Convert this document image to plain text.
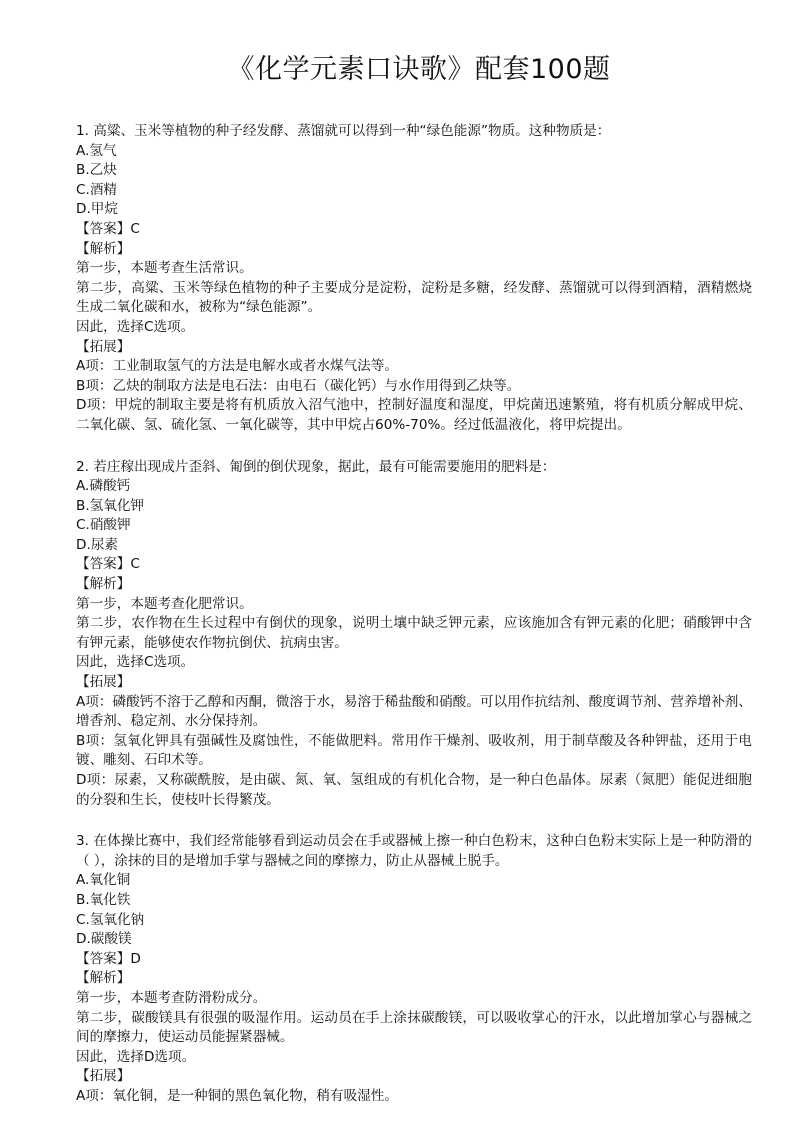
《化学元素口诀歌》配套100题
1. 高粱、玉米等植物的种子经发酵、蒸馏就可以得到一种“绿色能源”物质。这种物质是：
A.氢气
B.乙炔
C.酒精
D.甲烷
【答案】C
【解析】
第一步，本题考查生活常识。
第二步，高粱、玉米等绿色植物的种子主要成分是淀粉，淀粉是多糖，经发酵、蒸馏就可以得到酒精，酒精燃烧生成二氧化碳和水，被称为“绿色能源”。
因此，选择C选项。
【拓展】
A项：工业制取氢气的方法是电解水或者水煤气法等。
B项：乙炔的制取方法是电石法：由电石（碳化钙）与水作用得到乙炔等。
D项：甲烷的制取主要是将有机质放入沼气池中，控制好温度和湿度，甲烷菌迅速繁殖，将有机质分解成甲烷、二氧化碳、氢、硫化氢、一氧化碳等，其中甲烷占60%-70%。经过低温液化，将甲烷提出。
2. 若庄稼出现成片歪斜、匍倒的倒伏现象，据此，最有可能需要施用的肥料是：
A.磷酸钙
B.氢氧化钾
C.硝酸钾
D.尿素
【答案】C
【解析】
第一步，本题考查化肥常识。
第二步，农作物在生长过程中有倒伏的现象，说明土壤中缺乏钾元素，应该施加含有钾元素的化肥；硝酸钾中含有钾元素，能够使农作物抗倒伏、抗病虫害。
因此，选择C选项。
【拓展】
A项：磷酸钙不溶于乙醇和丙酮，微溶于水，易溶于稀盐酸和硝酸。可以用作抗结剂、酸度调节剂、营养增补剂、增香剂、稳定剂、水分保持剂。
B项：氢氧化钾具有强碱性及腐蚀性，不能做肥料。常用作干燥剂、吸收剂，用于制草酸及各种钾盐，还用于电镀、雕刻、石印术等。
D项：尿素，又称碳酰胺，是由碳、氮、氧、氢组成的有机化合物，是一种白色晶体。尿素（氮肥）能促进细胞的分裂和生长，使枝叶长得繁茂。
3. 在体操比赛中，我们经常能够看到运动员会在手或器械上擦一种白色粉末，这种白色粉末实际上是一种防滑的（ ），涂抹的目的是增加手掌与器械之间的摩擦力，防止从器械上脱手。
A.氧化铜
B.氧化铁
C.氢氧化钠
D.碳酸镁
【答案】D
【解析】
第一步，本题考查防滑粉成分。
第二步，碳酸镁具有很强的吸湿作用。运动员在手上涂抹碳酸镁，可以吸收掌心的汗水，以此增加掌心与器械之间的摩擦力，使运动员能握紧器械。
因此，选择D选项。
【拓展】
A项：氧化铜，是一种铜的黑色氧化物，稍有吸湿性。
